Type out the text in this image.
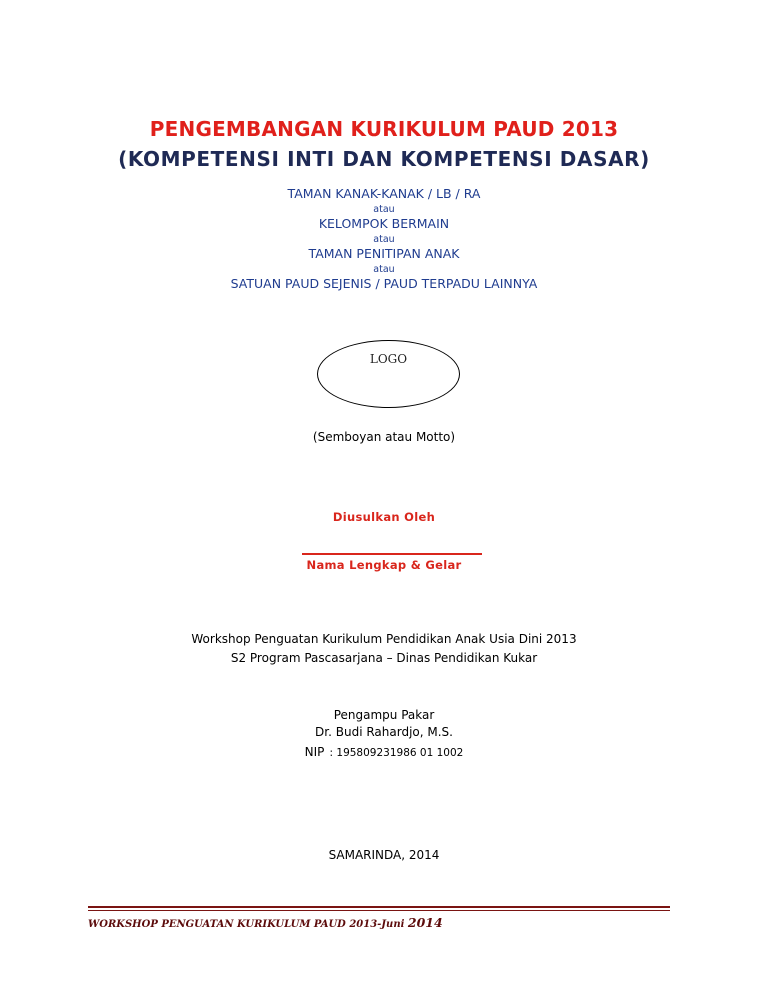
PENGEMBANGAN KURIKULUM PAUD 2013
(KOMPETENSI INTI DAN KOMPETENSI DASAR)
TAMAN KANAK-KANAK / LB / RA
atau
KELOMPOK BERMAIN
atau
TAMAN PENITIPAN ANAK
atau
SATUAN PAUD SEJENIS / PAUD TERPADU LAINNYA
LOGO
(Semboyan atau Motto)
Diusulkan Oleh
Nama Lengkap & Gelar
Workshop Penguatan Kurikulum Pendidikan Anak Usia Dini 2013
S2 Program Pascasarjana – Dinas Pendidikan Kukar
Pengampu Pakar
Dr. Budi Rahardjo, M.S.
NIP : 195809231986 01 1002
SAMARINDA, 2014
WORKSHOP PENGUATAN KURIKULUM PAUD 2013-Juni 2014
